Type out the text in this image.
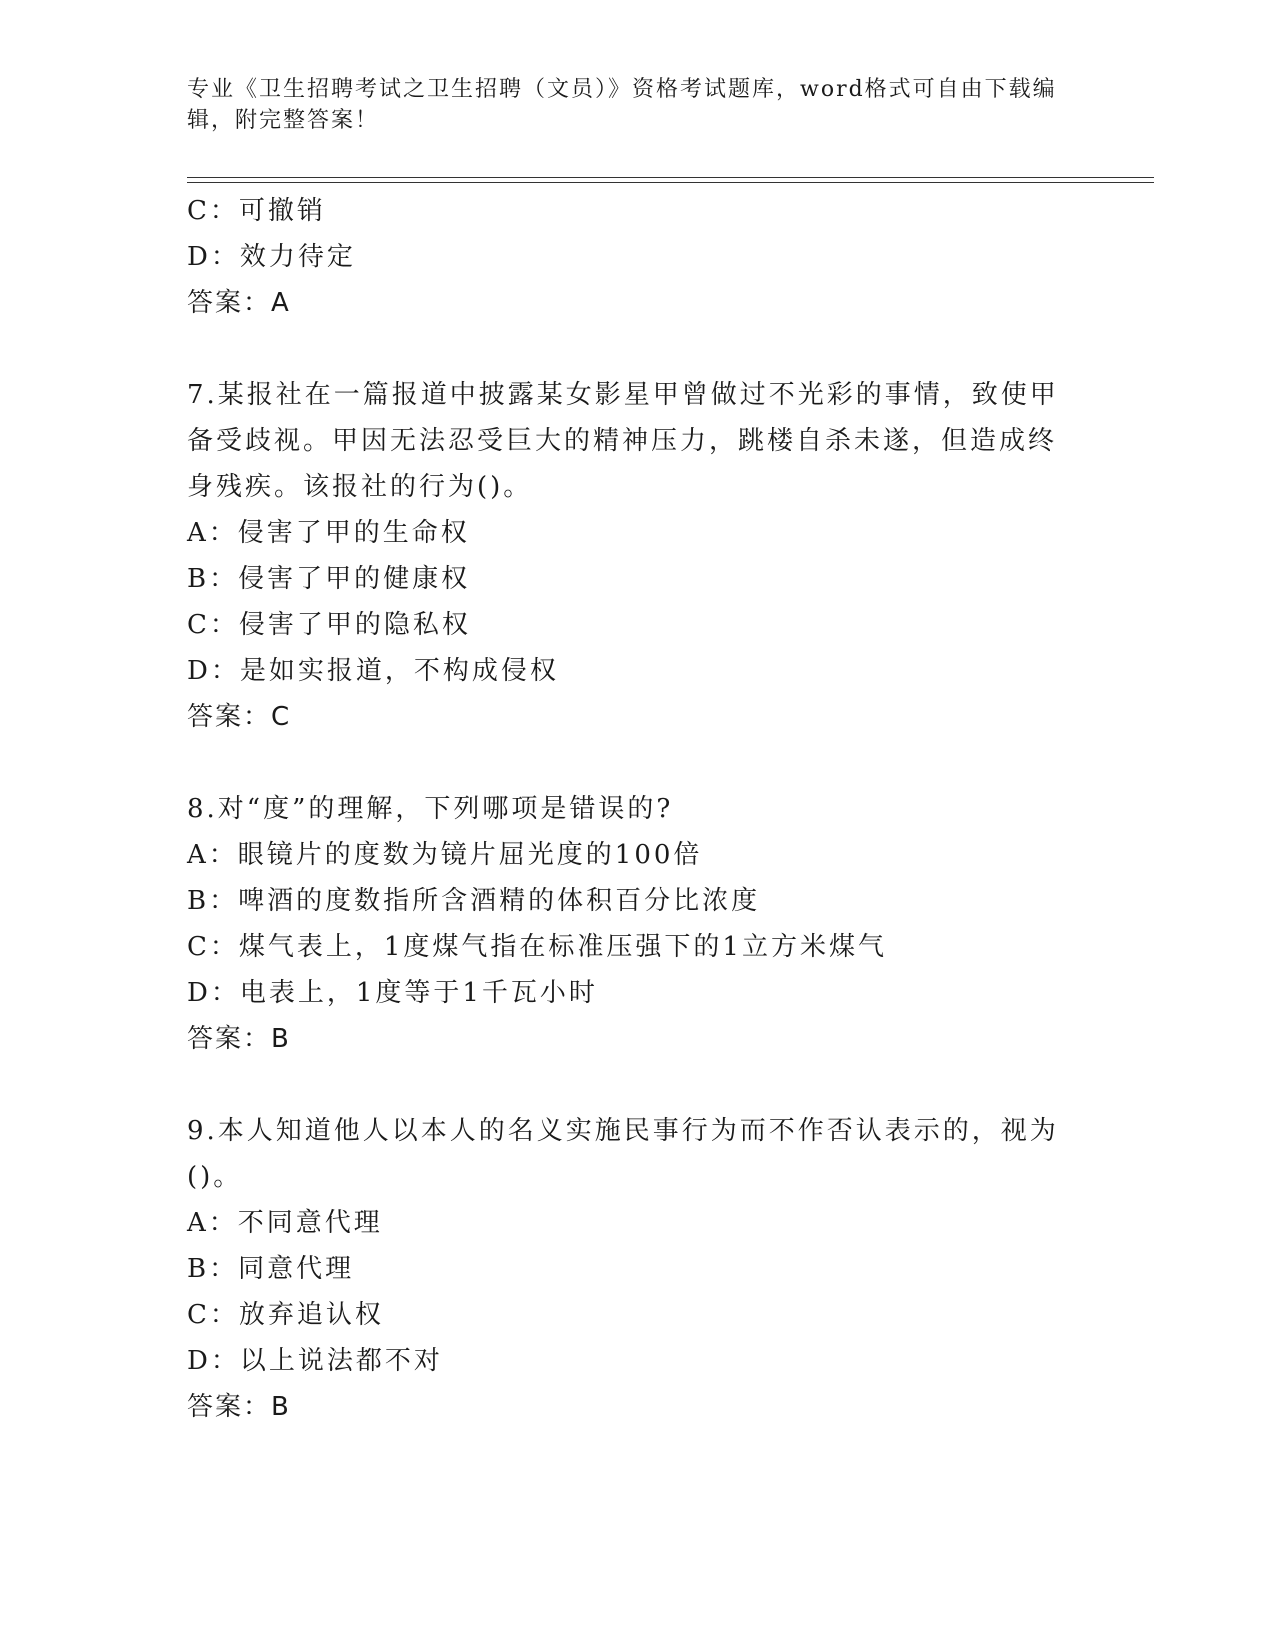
专业《卫生招聘考试之卫生招聘（文员）》资格考试题库，word格式可自由下载编辑，附完整答案！
C：可撤销
D：效力待定
答案：A
7.某报社在一篇报道中披露某女影星甲曾做过不光彩的事情，致使甲备受歧视。甲因无法忍受巨大的精神压力，跳楼自杀未遂，但造成终身残疾。该报社的行为()。
A：侵害了甲的生命权
B：侵害了甲的健康权
C：侵害了甲的隐私权
D：是如实报道，不构成侵权
答案：C
8.对“度”的理解，下列哪项是错误的?
A：眼镜片的度数为镜片屈光度的100倍
B：啤酒的度数指所含酒精的体积百分比浓度
C：煤气表上，1度煤气指在标准压强下的1立方米煤气
D：电表上，1度等于1千瓦小时
答案：B
9.本人知道他人以本人的名义实施民事行为而不作否认表示的，视为()。
A：不同意代理
B：同意代理
C：放弃追认权
D：以上说法都不对
答案：B
